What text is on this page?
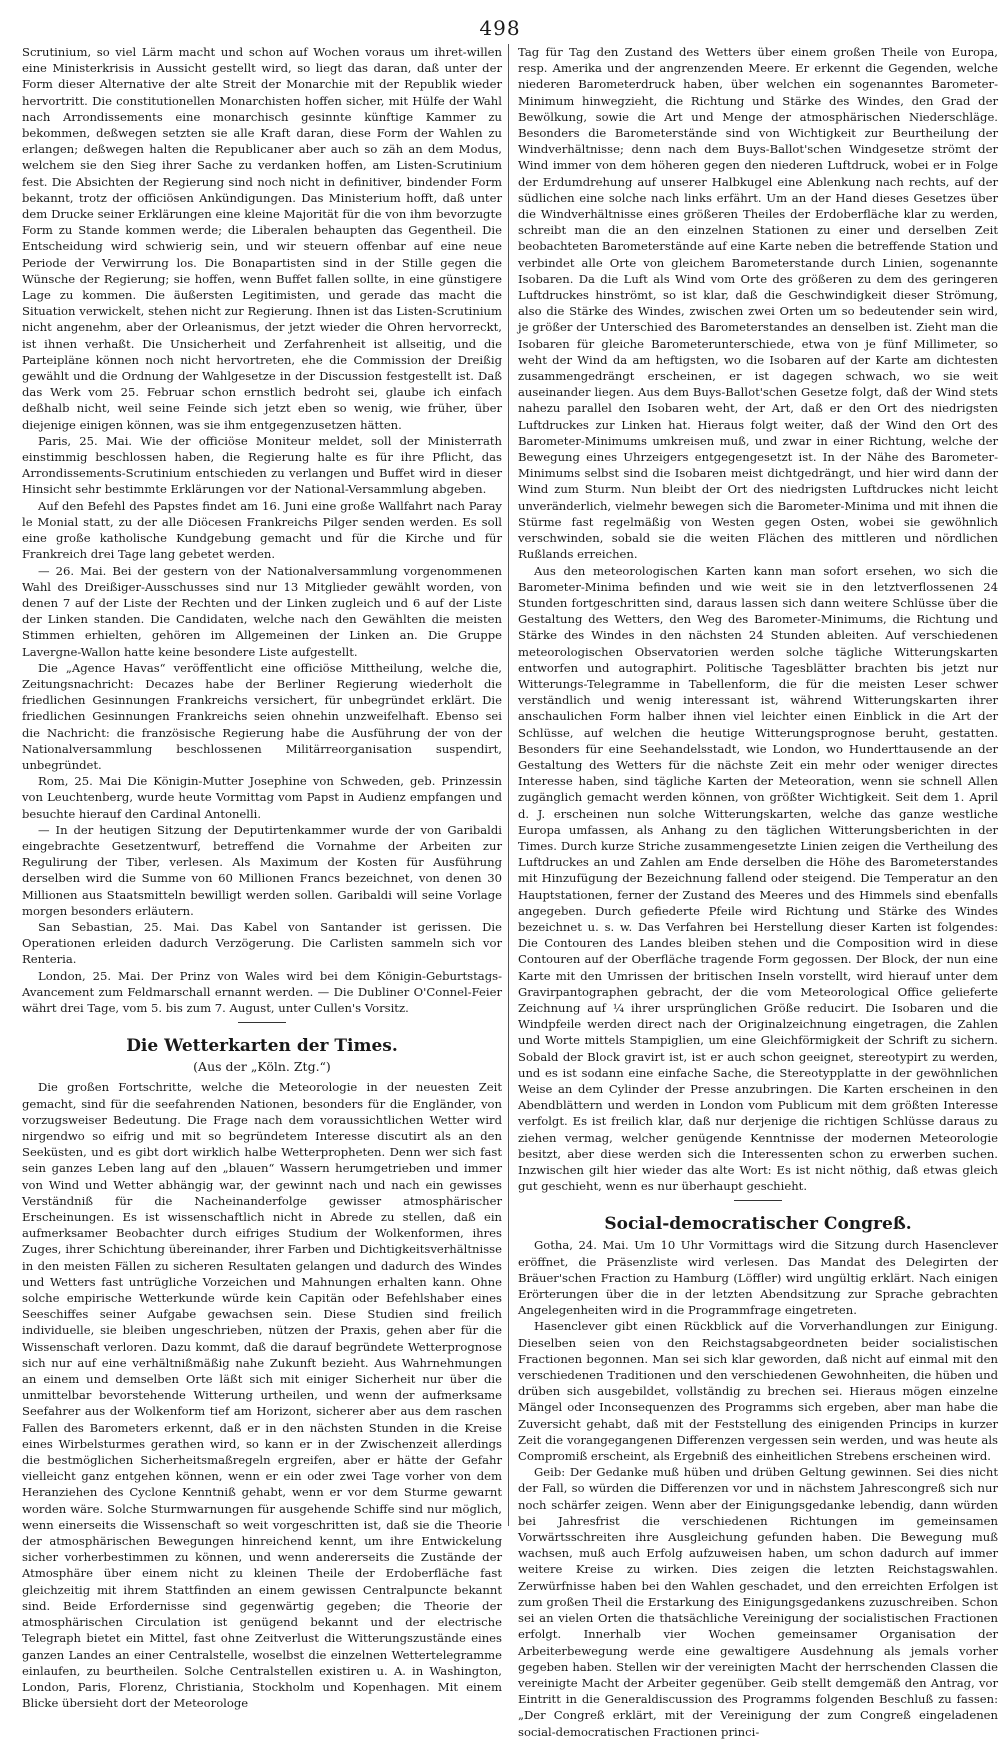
498

Scrutinium, so viel Lärm macht und schon auf Wochen voraus um ihret-willen eine Ministerkrisis in Aussicht gestellt wird, so liegt das daran, daß unter der Form dieser Alternative der alte Streit der Monarchie mit der Republik wieder hervortritt. Die constitutionellen Monarchisten hoffen sicher, mit Hülfe der Wahl nach Arrondissements eine monarchisch gesinnte künftige Kammer zu bekommen, deßwegen setzten sie alle Kraft daran, diese Form der Wahlen zu erlangen; deßwegen halten die Republicaner aber auch so zäh an dem Modus, welchem sie den Sieg ihrer Sache zu verdanken hoffen, am Listen-Scrutinium fest. Die Absichten der Regierung sind noch nicht in definitiver, bindender Form bekannt, trotz der officiösen Ankündigungen. Das Ministerium hofft, daß unter dem Drucke seiner Erklärungen eine kleine Majorität für die von ihm bevorzugte Form zu Stande kommen werde; die Liberalen behaupten das Gegentheil. Die Entscheidung wird schwierig sein, und wir steuern offenbar auf eine neue Periode der Verwirrung los. Die Bonapartisten sind in der Stille gegen die Wünsche der Regierung; sie hoffen, wenn Buffet fallen sollte, in eine günstigere Lage zu kommen. Die äußersten Legitimisten, und gerade das macht die Situation verwickelt, stehen nicht zur Regierung. Ihnen ist das Listen-Scrutinium nicht angenehm, aber der Orleanismus, der jetzt wieder die Ohren hervorreckt, ist ihnen verhaßt. Die Unsicherheit und Zerfahrenheit ist allseitig, und die Parteipläne können noch nicht hervortreten, ehe die Commission der Dreißig gewählt und die Ordnung der Wahlgesetze in der Discussion festgestellt ist. Daß das Werk vom 25. Februar schon ernstlich bedroht sei, glaube ich einfach deßhalb nicht, weil seine Feinde sich jetzt eben so wenig, wie früher, über diejenige einigen können, was sie ihm entgegenzusetzen hätten.

Paris, 25. Mai. Wie der officiöse Moniteur meldet, soll der Ministerrath einstimmig beschlossen haben, die Regierung halte es für ihre Pflicht, das Arrondissements-Scrutinium entschieden zu verlangen und Buffet wird in dieser Hinsicht sehr bestimmte Erklärungen vor der National-Versammlung abgeben.

Auf den Befehl des Papstes findet am 16. Juni eine große Wallfahrt nach Paray le Monial statt, zu der alle Diöcesen Frankreichs Pilger senden werden. Es soll eine große katholische Kundgebung gemacht und für die Kirche und für Frankreich drei Tage lang gebetet werden.

— 26. Mai. Bei der gestern von der Nationalversammlung vorgenommenen Wahl des Dreißiger-Ausschusses sind nur 13 Mitglieder gewählt worden, von denen 7 auf der Liste der Rechten und der Linken zugleich und 6 auf der Liste der Linken standen. Die Candidaten, welche nach den Gewählten die meisten Stimmen erhielten, gehören im Allgemeinen der Linken an. Die Gruppe Lavergne-Wallon hatte keine besondere Liste aufgestellt.

Die „Agence Havas“ veröffentlicht eine officiöse Mittheilung, welche die, Zeitungsnachricht: Decazes habe der Berliner Regierung wiederholt die friedlichen Gesinnungen Frankreichs versichert, für unbegründet erklärt. Die friedlichen Gesinnungen Frankreichs seien ohnehin unzweifelhaft. Ebenso sei die Nachricht: die französische Regierung habe die Ausführung der von der Nationalversammlung beschlossenen Militärreorganisation suspendirt, unbegründet.

Rom, 25. Mai Die Königin-Mutter Josephine von Schweden, geb. Prinzessin von Leuchtenberg, wurde heute Vormittag vom Papst in Audienz empfangen und besuchte hierauf den Cardinal Antonelli.

— In der heutigen Sitzung der Deputirtenkammer wurde der von Garibaldi eingebrachte Gesetzentwurf, betreffend die Vornahme der Arbeiten zur Regulirung der Tiber, verlesen. Als Maximum der Kosten für Ausführung derselben wird die Summe von 60 Millionen Francs bezeichnet, von denen 30 Millionen aus Staatsmitteln bewilligt werden sollen. Garibaldi will seine Vorlage morgen besonders erläutern.

San Sebastian, 25. Mai. Das Kabel von Santander ist gerissen. Die Operationen erleiden dadurch Verzögerung. Die Carlisten sammeln sich vor Renteria.

London, 25. Mai. Der Prinz von Wales wird bei dem Königin-Geburtstags-Avancement zum Feldmarschall ernannt werden. — Die Dubliner O'Connel-Feier währt drei Tage, vom 5. bis zum 7. August, unter Cullen's Vorsitz.

Die Wetterkarten der Times.
(Aus der „Köln. Ztg.“)

Die großen Fortschritte, welche die Meteorologie in der neuesten Zeit gemacht, sind für die seefahrenden Nationen, besonders für die Engländer, von vorzugsweiser Bedeutung. Die Frage nach dem voraussichtlichen Wetter wird nirgendwo so eifrig und mit so begründetem Interesse discutirt als an den Seeküsten, und es gibt dort wirklich halbe Wetterpropheten. Denn wer sich fast sein ganzes Leben lang auf den „blauen“ Wassern herumgetrieben und immer von Wind und Wetter abhängig war, der gewinnt nach und nach ein gewisses Verständniß für die Nacheinanderfolge gewisser atmosphärischer Erscheinungen. Es ist wissenschaftlich nicht in Abrede zu stellen, daß ein aufmerksamer Beobachter durch eifriges Studium der Wolkenformen, ihres Zuges, ihrer Schichtung übereinander, ihrer Farben und Dichtigkeitsverhältnisse in den meisten Fällen zu sicheren Resultaten gelangen und dadurch des Windes und Wetters fast untrügliche Vorzeichen und Mahnungen erhalten kann. Ohne solche empirische Wetterkunde würde kein Capitän oder Befehlshaber eines Seeschiffes seiner Aufgabe gewachsen sein. Diese Studien sind freilich individuelle, sie bleiben ungeschrieben, nützen der Praxis, gehen aber für die Wissenschaft verloren. Dazu kommt, daß die darauf begründete Wetterprognose sich nur auf eine verhältnißmäßig nahe Zukunft bezieht. Aus Wahrnehmungen an einem und demselben Orte läßt sich mit einiger Sicherheit nur über die unmittelbar bevorstehende Witterung urtheilen, und wenn der aufmerksame Seefahrer aus der Wolkenform tief am Horizont, sicherer aber aus dem raschen Fallen des Barometers erkennt, daß er in den nächsten Stunden in die Kreise eines Wirbelsturmes gerathen wird, so kann er in der Zwischenzeit allerdings die bestmöglichen Sicherheitsmaßregeln ergreifen, aber er hätte der Gefahr vielleicht ganz entgehen können, wenn er ein oder zwei Tage vorher von dem Heranziehen des Cyclone Kenntniß gehabt, wenn er vor dem Sturme gewarnt worden wäre. Solche Sturmwarnungen für ausgehende Schiffe sind nur möglich, wenn einerseits die Wissenschaft so weit vorgeschritten ist, daß sie die Theorie der atmosphärischen Bewegungen hinreichend kennt, um ihre Entwickelung sicher vorherbestimmen zu können, und wenn andererseits die Zustände der Atmosphäre über einem nicht zu kleinen Theile der Erdoberfläche fast gleichzeitig mit ihrem Stattfinden an einem gewissen Centralpuncte bekannt sind. Beide Erfordernisse sind gegenwärtig gegeben; die Theorie der atmosphärischen Circulation ist genügend bekannt und der electrische Telegraph bietet ein Mittel, fast ohne Zeitverlust die Witterungszustände eines ganzen Landes an einer Centralstelle, woselbst die einzelnen Wettertelegramme einlaufen, zu beurtheilen. Solche Centralstellen existiren u. A. in Washington, London, Paris, Florenz, Christiania, Stockholm und Kopenhagen. Mit einem Blicke übersieht dort der Meteorologe

Tag für Tag den Zustand des Wetters über einem großen Theile von Europa, resp. Amerika und der angrenzenden Meere. Er erkennt die Gegenden, welche niederen Barometerdruck haben, über welchen ein sogenanntes Barometer-Minimum hinwegzieht, die Richtung und Stärke des Windes, den Grad der Bewölkung, sowie die Art und Menge der atmosphärischen Niederschläge. Besonders die Barometerstände sind von Wichtigkeit zur Beurtheilung der Windverhältnisse; denn nach dem Buys-Ballot'schen Windgesetze strömt der Wind immer von dem höheren gegen den niederen Luftdruck, wobei er in Folge der Erdumdrehung auf unserer Halbkugel eine Ablenkung nach rechts, auf der südlichen eine solche nach links erfährt. Um an der Hand dieses Gesetzes über die Windverhältnisse eines größeren Theiles der Erdoberfläche klar zu werden, schreibt man die an den einzelnen Stationen zu einer und derselben Zeit beobachteten Barometerstände auf eine Karte neben die betreffende Station und verbindet alle Orte von gleichem Barometerstande durch Linien, sogenannte Isobaren. Da die Luft als Wind vom Orte des größeren zu dem des geringeren Luftdruckes hinströmt, so ist klar, daß die Geschwindigkeit dieser Strömung, also die Stärke des Windes, zwischen zwei Orten um so bedeutender sein wird, je größer der Unterschied des Barometerstandes an denselben ist. Zieht man die Isobaren für gleiche Barometerunterschiede, etwa von je fünf Millimeter, so weht der Wind da am heftigsten, wo die Isobaren auf der Karte am dichtesten zusammengedrängt erscheinen, er ist dagegen schwach, wo sie weit auseinander liegen. Aus dem Buys-Ballot'schen Gesetze folgt, daß der Wind stets nahezu parallel den Isobaren weht, der Art, daß er den Ort des niedrigsten Luftdruckes zur Linken hat. Hieraus folgt weiter, daß der Wind den Ort des Barometer-Minimums umkreisen muß, und zwar in einer Richtung, welche der Bewegung eines Uhrzeigers entgegengesetzt ist. In der Nähe des Barometer-Minimums selbst sind die Isobaren meist dichtgedrängt, und hier wird dann der Wind zum Sturm. Nun bleibt der Ort des niedrigsten Luftdruckes nicht leicht unveränderlich, vielmehr bewegen sich die Barometer-Minima und mit ihnen die Stürme fast regelmäßig von Westen gegen Osten, wobei sie gewöhnlich verschwinden, sobald sie die weiten Flächen des mittleren und nördlichen Rußlands erreichen.

Aus den meteorologischen Karten kann man sofort ersehen, wo sich die Barometer-Minima befinden und wie weit sie in den letztverflossenen 24 Stunden fortgeschritten sind, daraus lassen sich dann weitere Schlüsse über die Gestaltung des Wetters, den Weg des Barometer-Minimums, die Richtung und Stärke des Windes in den nächsten 24 Stunden ableiten. Auf verschiedenen meteorologischen Observatorien werden solche tägliche Witterungskarten entworfen und autographirt. Politische Tagesblätter brachten bis jetzt nur Witterungs-Telegramme in Tabellenform, die für die meisten Leser schwer verständlich und wenig interessant ist, während Witterungskarten ihrer anschaulichen Form halber ihnen viel leichter einen Einblick in die Art der Schlüsse, auf welchen die heutige Witterungsprognose beruht, gestatten. Besonders für eine Seehandelsstadt, wie London, wo Hunderttausende an der Gestaltung des Wetters für die nächste Zeit ein mehr oder weniger directes Interesse haben, sind tägliche Karten der Meteoration, wenn sie schnell Allen zugänglich gemacht werden können, von größter Wichtigkeit. Seit dem 1. April d. J. erscheinen nun solche Witterungskarten, welche das ganze westliche Europa umfassen, als Anhang zu den täglichen Witterungsberichten in der Times. Durch kurze Striche zusammengesetzte Linien zeigen die Vertheilung des Luftdruckes an und Zahlen am Ende derselben die Höhe des Barometerstandes mit Hinzufügung der Bezeichnung fallend oder steigend. Die Temperatur an den Hauptstationen, ferner der Zustand des Meeres und des Himmels sind ebenfalls angegeben. Durch gefiederte Pfeile wird Richtung und Stärke des Windes bezeichnet u. s. w. Das Verfahren bei Herstellung dieser Karten ist folgendes: Die Contouren des Landes bleiben stehen und die Composition wird in diese Contouren auf der Oberfläche tragende Form gegossen. Der Block, der nun eine Karte mit den Umrissen der britischen Inseln vorstellt, wird hierauf unter dem Gravirpantographen gebracht, der die vom Meteorological Office gelieferte Zeichnung auf ¼ ihrer ursprünglichen Größe reducirt. Die Isobaren und die Windpfeile werden direct nach der Originalzeichnung eingetragen, die Zahlen und Worte mittels Stampiglien, um eine Gleichförmigkeit der Schrift zu sichern. Sobald der Block gravirt ist, ist er auch schon geeignet, stereotypirt zu werden, und es ist sodann eine einfache Sache, die Stereotypplatte in der gewöhnlichen Weise an dem Cylinder der Presse anzubringen. Die Karten erscheinen in den Abendblättern und werden in London vom Publicum mit dem größten Interesse verfolgt. Es ist freilich klar, daß nur derjenige die richtigen Schlüsse daraus zu ziehen vermag, welcher genügende Kenntnisse der modernen Meteorologie besitzt, aber diese werden sich die Interessenten schon zu erwerben suchen. Inzwischen gilt hier wieder das alte Wort: Es ist nicht nöthig, daß etwas gleich gut geschieht, wenn es nur überhaupt geschieht.

Social-democratischer Congreß.

Gotha, 24. Mai. Um 10 Uhr Vormittags wird die Sitzung durch Hasenclever eröffnet, die Präsenzliste wird verlesen. Das Mandat des Delegirten der Bräuer'schen Fraction zu Hamburg (Löffler) wird ungültig erklärt. Nach einigen Erörterungen über die in der letzten Abendsitzung zur Sprache gebrachten Angelegenheiten wird in die Programmfrage eingetreten.

Hasenclever gibt einen Rückblick auf die Vorverhandlungen zur Einigung. Dieselben seien von den Reichstagsabgeordneten beider socialistischen Fractionen begonnen. Man sei sich klar geworden, daß nicht auf einmal mit den verschiedenen Traditionen und den verschiedenen Gewohnheiten, die hüben und drüben sich ausgebildet, vollständig zu brechen sei. Hieraus mögen einzelne Mängel oder Inconsequenzen des Programms sich ergeben, aber man habe die Zuversicht gehabt, daß mit der Feststellung des einigenden Princips in kurzer Zeit die vorangegangenen Differenzen vergessen sein werden, und was heute als Compromiß erscheint, als Ergebniß des einheitlichen Strebens erscheinen wird.

Geib: Der Gedanke muß hüben und drüben Geltung gewinnen. Sei dies nicht der Fall, so würden die Differenzen vor und in nächstem Jahrescongreß sich nur noch schärfer zeigen. Wenn aber der Einigungsgedanke lebendig, dann würden bei Jahresfrist die verschiedenen Richtungen im gemeinsamen Vorwärtsschreiten ihre Ausgleichung gefunden haben. Die Bewegung muß wachsen, muß auch Erfolg aufzuweisen haben, um schon dadurch auf immer weitere Kreise zu wirken. Dies zeigen die letzten Reichstagswahlen. Zerwürfnisse haben bei den Wahlen geschadet, und den erreichten Erfolgen ist zum großen Theil die Erstarkung des Einigungsgedankens zuzuschreiben. Schon sei an vielen Orten die thatsächliche Vereinigung der socialistischen Fractionen erfolgt. Innerhalb vier Wochen gemeinsamer Organisation der Arbeiterbewegung werde eine gewaltigere Ausdehnung als jemals vorher gegeben haben. Stellen wir der vereinigten Macht der herrschenden Classen die vereinigte Macht der Arbeiter gegenüber. Geib stellt demgemäß den Antrag, vor Eintritt in die Generaldiscussion des Programms folgenden Beschluß zu fassen: „Der Congreß erklärt, mit der Vereinigung der zum Congreß eingeladenen social-democratischen Fractionen princi-
